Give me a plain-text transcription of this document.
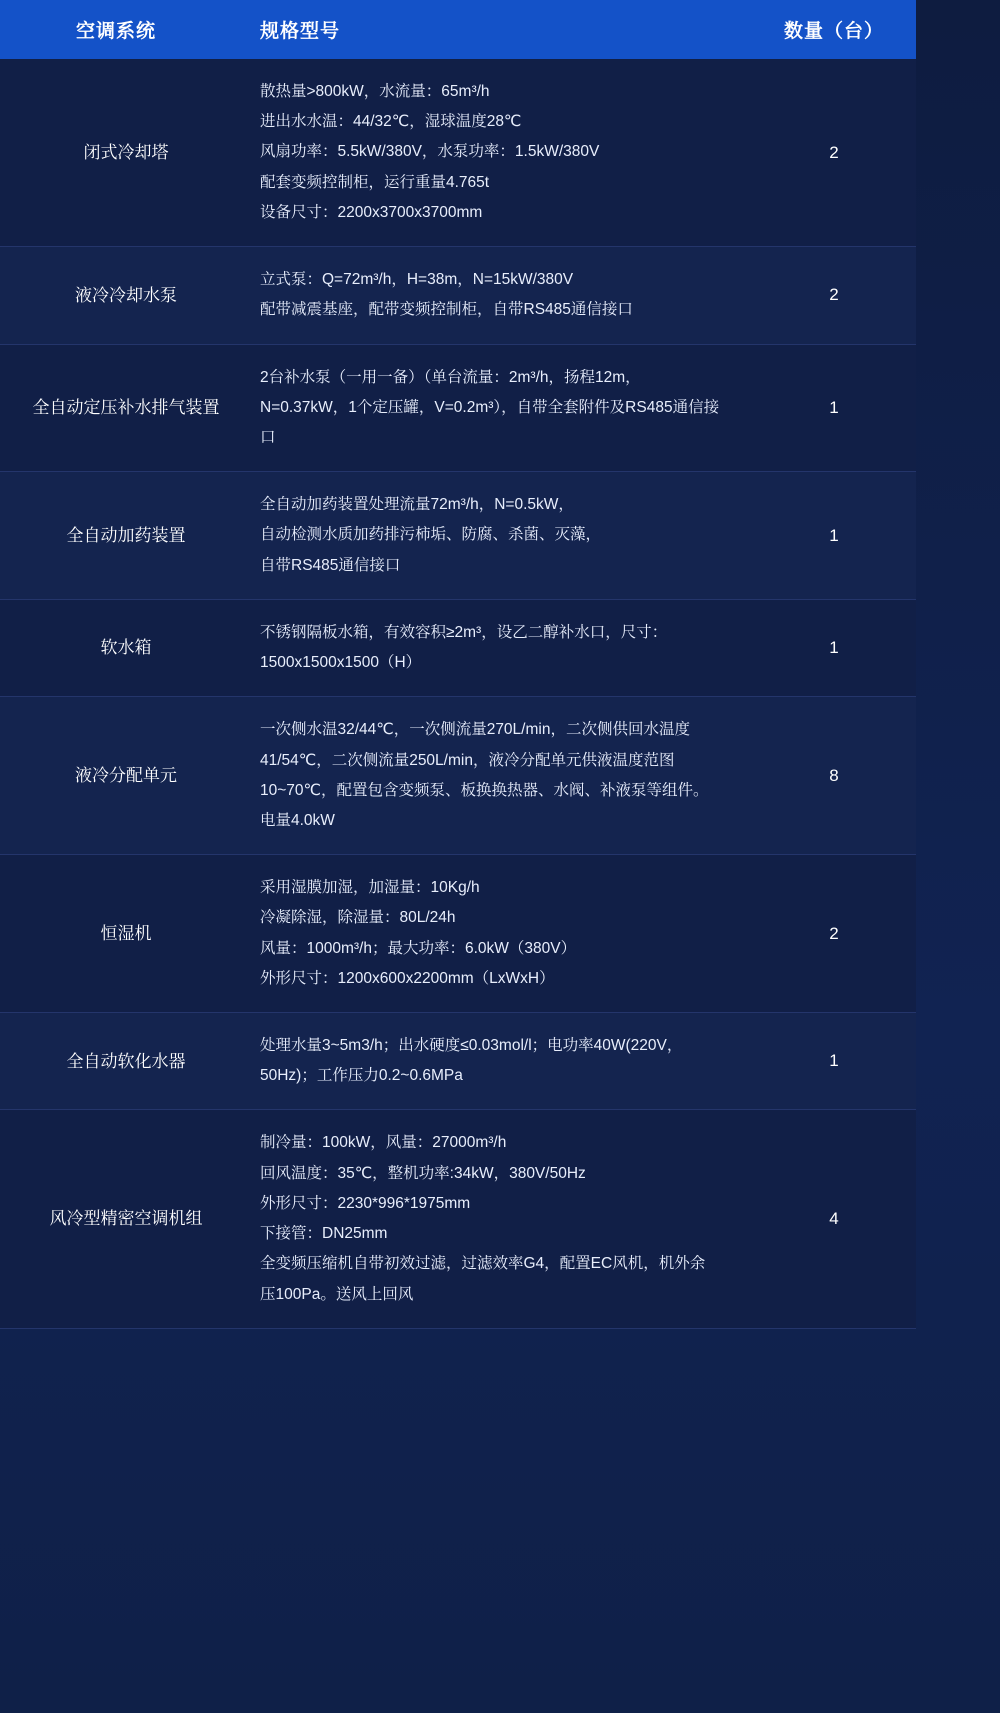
空调系统	规格型号	数量（台）
闭式冷却塔	散热量>800kW，水流量：65m³/h
进出水水温：44/32℃，湿球温度28℃
风扇功率：5.5kW/380V，水泵功率：1.5kW/380V
配套变频控制柜，运行重量4.765t
设备尺寸：2200x3700x3700mm	2
液冷冷却水泵	立式泵：Q=72m³/h，H=38m，N=15kW/380V
配带减震基座，配带变频控制柜，自带RS485通信接口	2
全自动定压补水排气装置	2台补水泵（一用一备）（单台流量：2m³/h，扬程12m，N=0.37kW，1个定压罐，V=0.2m³），自带全套附件及RS485通信接口	1
全自动加药装置	全自动加药装置处理流量72m³/h，N=0.5kW，
自动检测水质加药排污柿垢、防腐、杀菌、灭藻，
自带RS485通信接口	1
软水箱	不锈钢隔板水箱，有效容积≥2m³，设乙二醇补水口，尺寸：1500x1500x1500（H）	1
液冷分配单元	一次侧水温32/44℃，一次侧流量270L/min，二次侧供回水温度41/54℃，二次侧流量250L/min，液冷分配单元供液温度范图10~70℃，配置包含变频泵、板换换热器、水阀、补液泵等组件。电量4.0kW	8
恒湿机	采用湿膜加湿，加湿量：10Kg/h
冷凝除湿，除湿量：80L/24h
风量：1000m³/h；最大功率：6.0kW（380V）
外形尺寸：1200x600x2200mm（LxWxH）	2
全自动软化水器	处理水量3~5m3/h；出水硬度≤0.03mol/l；电功率40W(220V，50Hz)；工作压力0.2~0.6MPa	1
风冷型精密空调机组	制冷量：100kW，风量：27000m³/h
回风温度：35℃，整机功率:34kW，380V/50Hz
外形尺寸：2230*996*1975mm
下接管：DN25mm
全变频压缩机自带初效过滤，过滤效率G4，配置EC风机，机外余压100Pa。送风上回风	4
